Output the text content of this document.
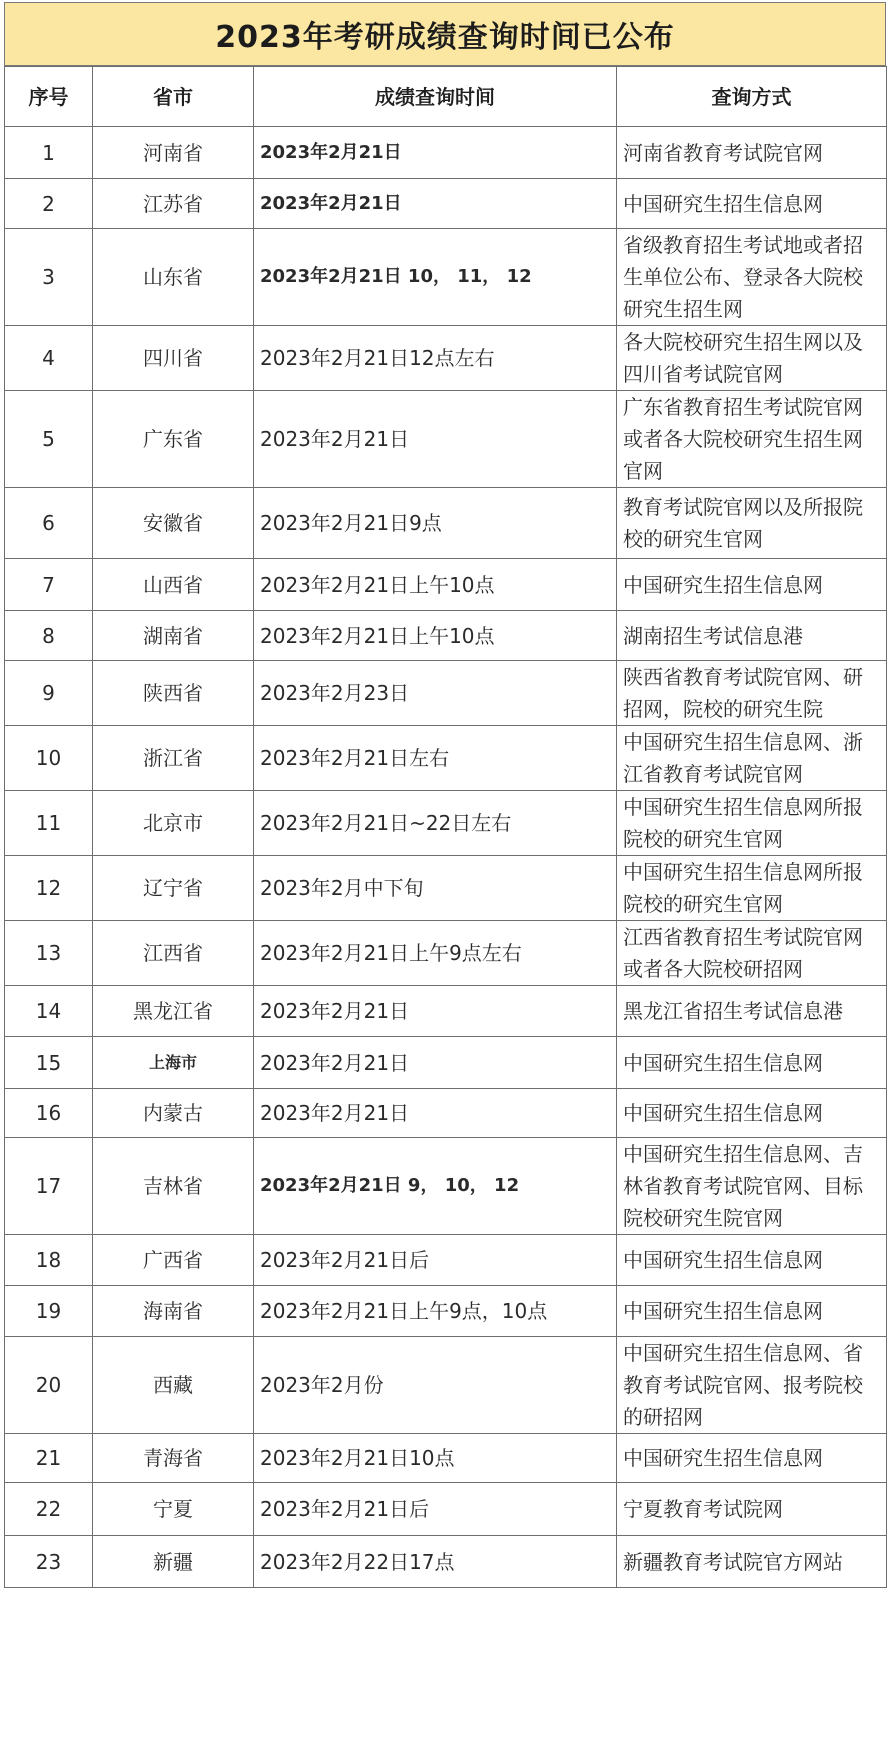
2023年考研成绩查询时间已公布
序号	省市	成绩查询时间	查询方式
1	河南省	2023年2月21日	河南省教育考试院官网
2	江苏省	2023年2月21日	中国研究生招生信息网
3	山东省	2023年2月21日 10， 11， 12	省级教育招生考试地或者招生单位公布、登录各大院校研究生招生网
4	四川省	2023年2月21日12点左右	各大院校研究生招生网以及四川省考试院官网
5	广东省	2023年2月21日	广东省教育招生考试院官网或者各大院校研究生招生网官网
6	安徽省	2023年2月21日9点	教育考试院官网以及所报院校的研究生官网
7	山西省	2023年2月21日上午10点	中国研究生招生信息网
8	湖南省	2023年2月21日上午10点	湖南招生考试信息港
9	陕西省	2023年2月23日	陕西省教育考试院官网、研招网，院校的研究生院
10	浙江省	2023年2月21日左右	中国研究生招生信息网、浙江省教育考试院官网
11	北京市	2023年2月21日~22日左右	中国研究生招生信息网所报院校的研究生官网
12	辽宁省	2023年2月中下旬	中国研究生招生信息网所报院校的研究生官网
13	江西省	2023年2月21日上午9点左右	江西省教育招生考试院官网或者各大院校研招网
14	黑龙江省	2023年2月21日	黑龙江省招生考试信息港
15	上海市	2023年2月21日	中国研究生招生信息网
16	内蒙古	2023年2月21日	中国研究生招生信息网
17	吉林省	2023年2月21日 9， 10， 12	中国研究生招生信息网、吉林省教育考试院官网、目标院校研究生院官网
18	广西省	2023年2月21日后	中国研究生招生信息网
19	海南省	2023年2月21日上午9点，10点	中国研究生招生信息网
20	西藏	2023年2月份	中国研究生招生信息网、省教育考试院官网、报考院校的研招网
21	青海省	2023年2月21日10点	中国研究生招生信息网
22	宁夏	2023年2月21日后	宁夏教育考试院网
23	新疆	2023年2月22日17点	新疆教育考试院官方网站
